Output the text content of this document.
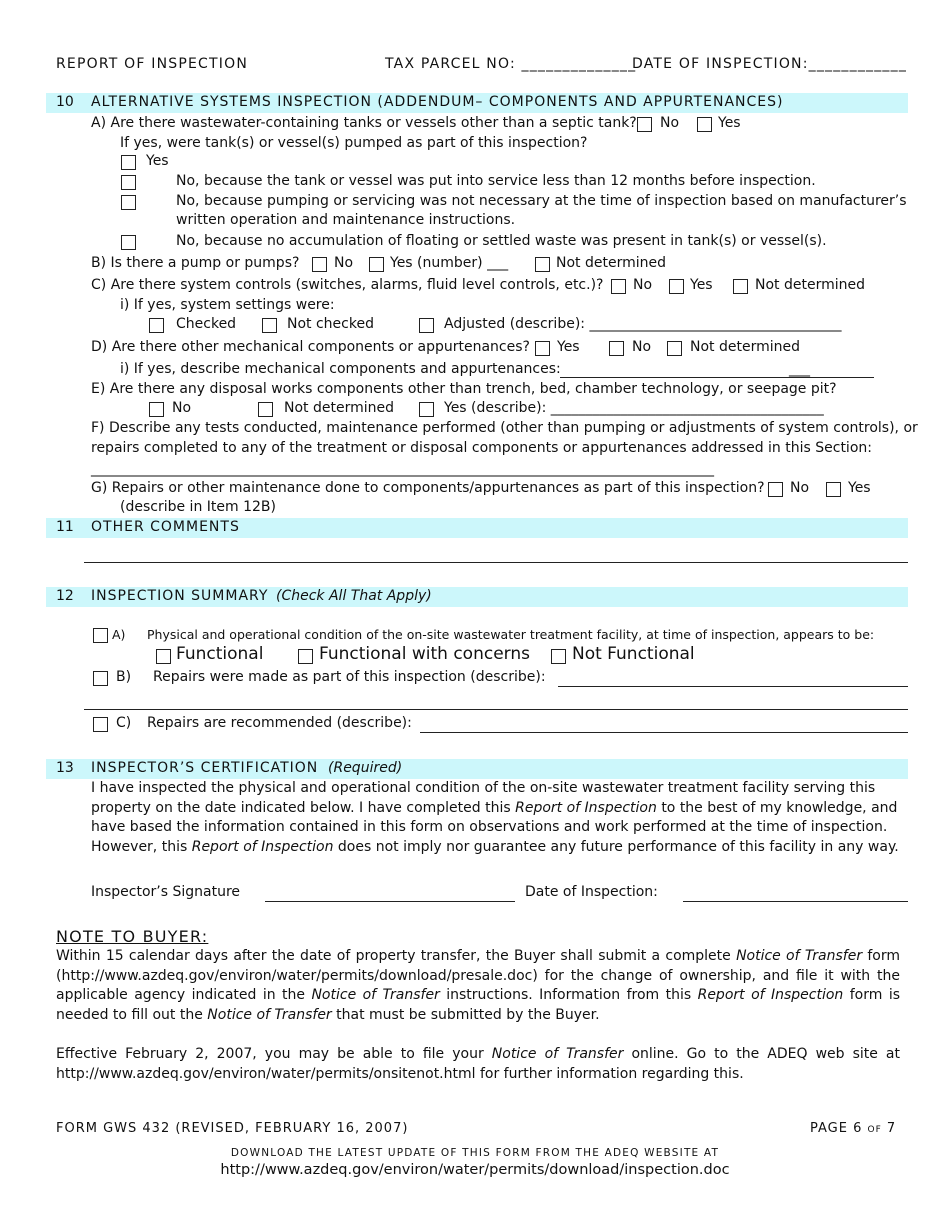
REPORT OF INSPECTION	TAX PARCEL NO: ______________
DATE OF INSPECTION:____________
10 ALTERNATIVE SYSTEMS INSPECTION (ADDENDUM– COMPONENTS AND APPURTENANCES)
A) Are there wastewater-containing tanks or vessels other than a septic tank? No	Yes
If yes, were tank(s) or vessel(s) pumped as part of this inspection?
Yes
No, because the tank or vessel was put into service less than 12 months before inspection.
No, because pumping or servicing was not necessary at the time of inspection based on manufacturer’s
written operation and maintenance instructions.
No, because no accumulation of floating or settled waste was present in tank(s) or vessel(s).
B) Is there a pump or pumps? No	Yes (number) ___	Not determined
C) Are there system controls (switches, alarms, fluid level controls, etc.)? No	Yes	Not determined
i) If yes, system settings were:
Checked	Not checked	Adjusted (describe): ____________________________________
D) Are there other mechanical components or appurtenances? Yes	No	Not determined
i) If yes, describe mechanical components and appurtenances:	___
E) Are there any disposal works components other than trench, bed, chamber technology, or seepage pit?
No	Not determined	Yes (describe): _______________________________________
F) Describe any tests conducted, maintenance performed (other than pumping or adjustments of system controls), or
repairs completed to any of the treatment or disposal components or appurtenances addressed in this Section:
_________________________________________________________________________________________
G) Repairs or other maintenance done to components/appurtenances as part of this inspection? No	Yes
(describe in Item 12B)
11 OTHER COMMENTS
12 INSPECTION SUMMARY (Check All That Apply)
A) Physical and operational condition of the on-site wastewater treatment facility, at time of inspection, appears to be:
Functional	Functional with concerns Not Functional
B) Repairs were made as part of this inspection (describe):
C) Repairs are recommended (describe):
13 INSPECTOR’S CERTIFICATION (Required)
I have inspected the physical and operational condition of the on-site wastewater treatment facility serving this
property on the date indicated below. I have completed this Report of Inspection to the best of my knowledge, and
have based the information contained in this form on observations and work performed at the time of inspection.
However, this Report of Inspection does not imply nor guarantee any future performance of this facility in any way.
Inspector’s Signature	Date of Inspection:
NOTE TO BUYER:
Within 15 calendar days after the date of property transfer, the Buyer shall submit a complete Notice of Transfer form (http://www.azdeq.gov/environ/water/permits/download/presale.doc) for the change of ownership, and file it with the applicable agency indicated in the Notice of Transfer instructions. Information from this Report of Inspection form is needed to fill out the Notice of Transfer that must be submitted by the Buyer.
Effective February 2, 2007, you may be able to file your Notice of Transfer online. Go to the ADEQ web site at http://www.azdeq.gov/environ/water/permits/onsitenot.html for further information regarding this.
FORM GWS 432 (REVISED, FEBRUARY 16, 2007)	PAGE 6 of 7
DOWNLOAD THE LATEST UPDATE OF THIS FORM FROM THE ADEQ WEBSITE AT
http://www.azdeq.gov/environ/water/permits/download/inspection.doc
